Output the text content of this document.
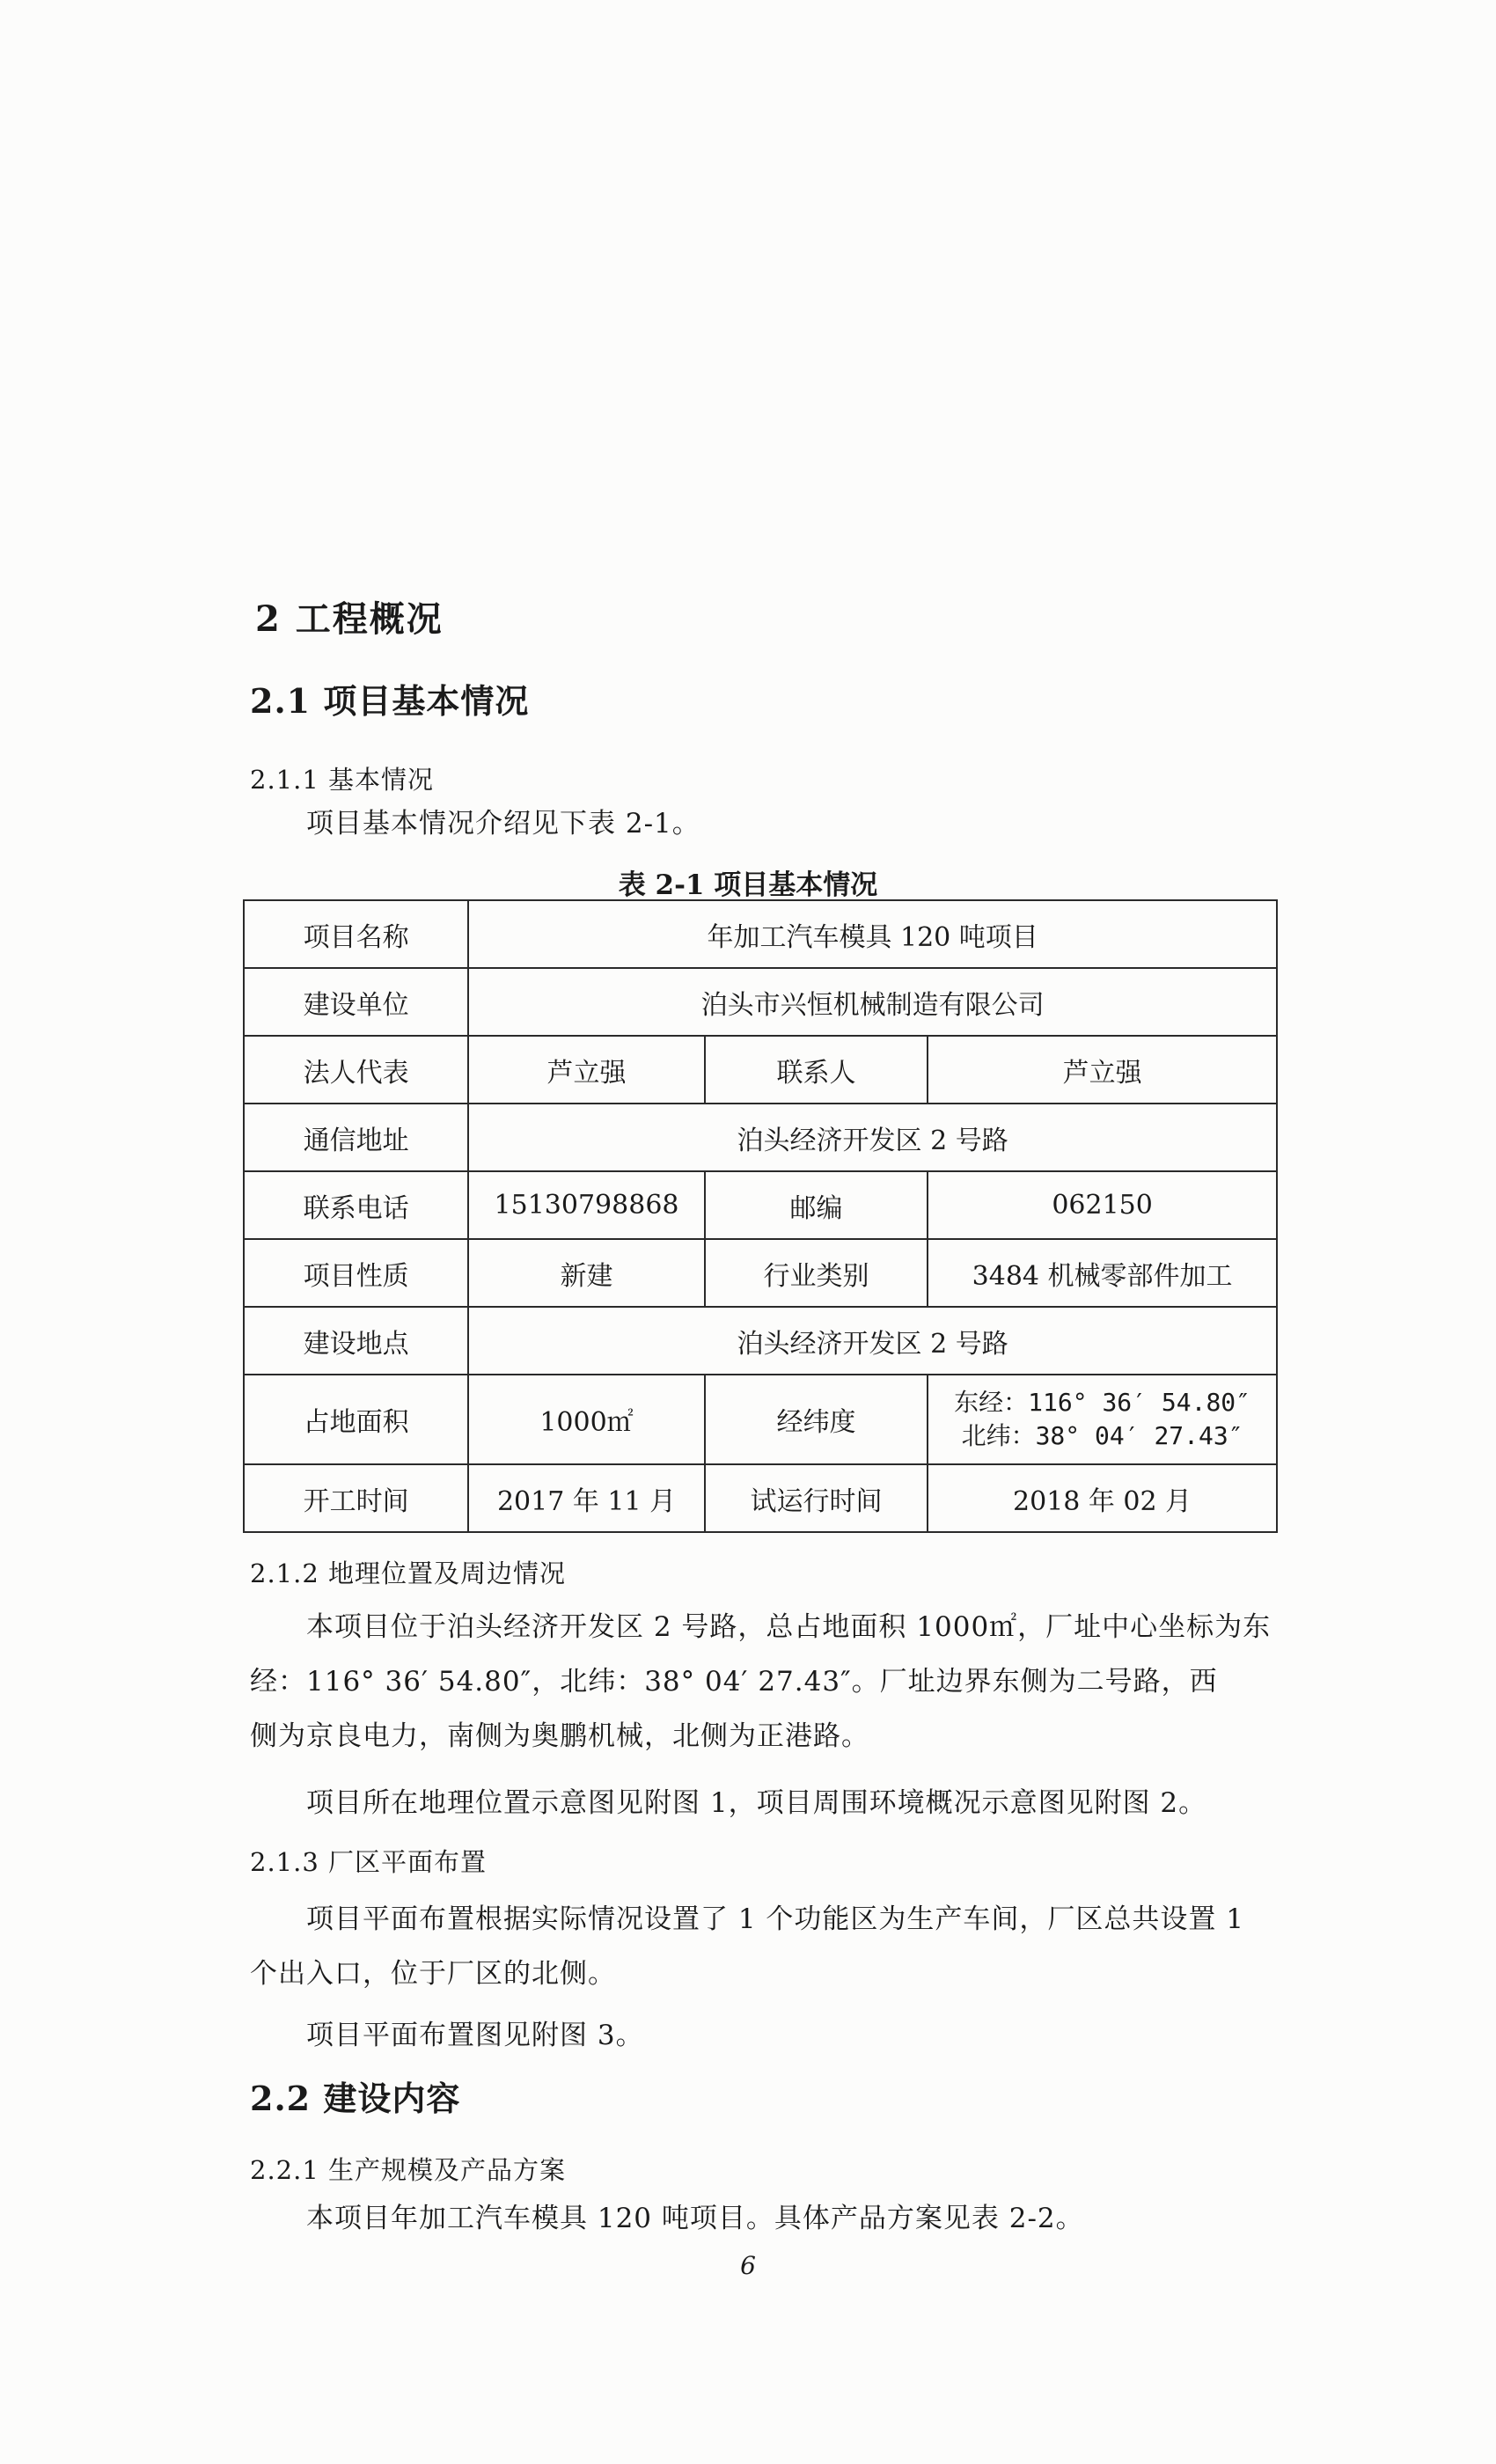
2 工程概况
2.1 项目基本情况
2.1.1 基本情况
项目基本情况介绍见下表 2-1。
表 2-1 项目基本情况
项目名称	年加工汽车模具 120 吨项目		
建设单位	泊头市兴恒机械制造有限公司		
法人代表	芦立强	联系人	芦立强
通信地址	泊头经济开发区 2 号路		
联系电话	15130798868	邮编	062150
项目性质	新建	行业类别	3484 机械零部件加工
建设地点	泊头经济开发区 2 号路		
占地面积	1000㎡	经纬度	东经：116° 36′ 54.80″
北纬：38° 04′ 27.43″

开工时间	2017 年 11 月	试运行时间	2018 年 02 月
2.1.2 地理位置及周边情况
本项目位于泊头经济开发区 2 号路，总占地面积 1000㎡，厂址中心坐标为东
经：116° 36′ 54.80″，北纬：38° 04′ 27.43″。厂址边界东侧为二号路，西
侧为京良电力，南侧为奥鹏机械，北侧为正港路。
项目所在地理位置示意图见附图 1，项目周围环境概况示意图见附图 2。
2.1.3 厂区平面布置
项目平面布置根据实际情况设置了 1 个功能区为生产车间，厂区总共设置 1
个出入口，位于厂区的北侧。
项目平面布置图见附图 3。
2.2 建设内容
2.2.1 生产规模及产品方案
本项目年加工汽车模具 120 吨项目。具体产品方案见表 2-2。
6
